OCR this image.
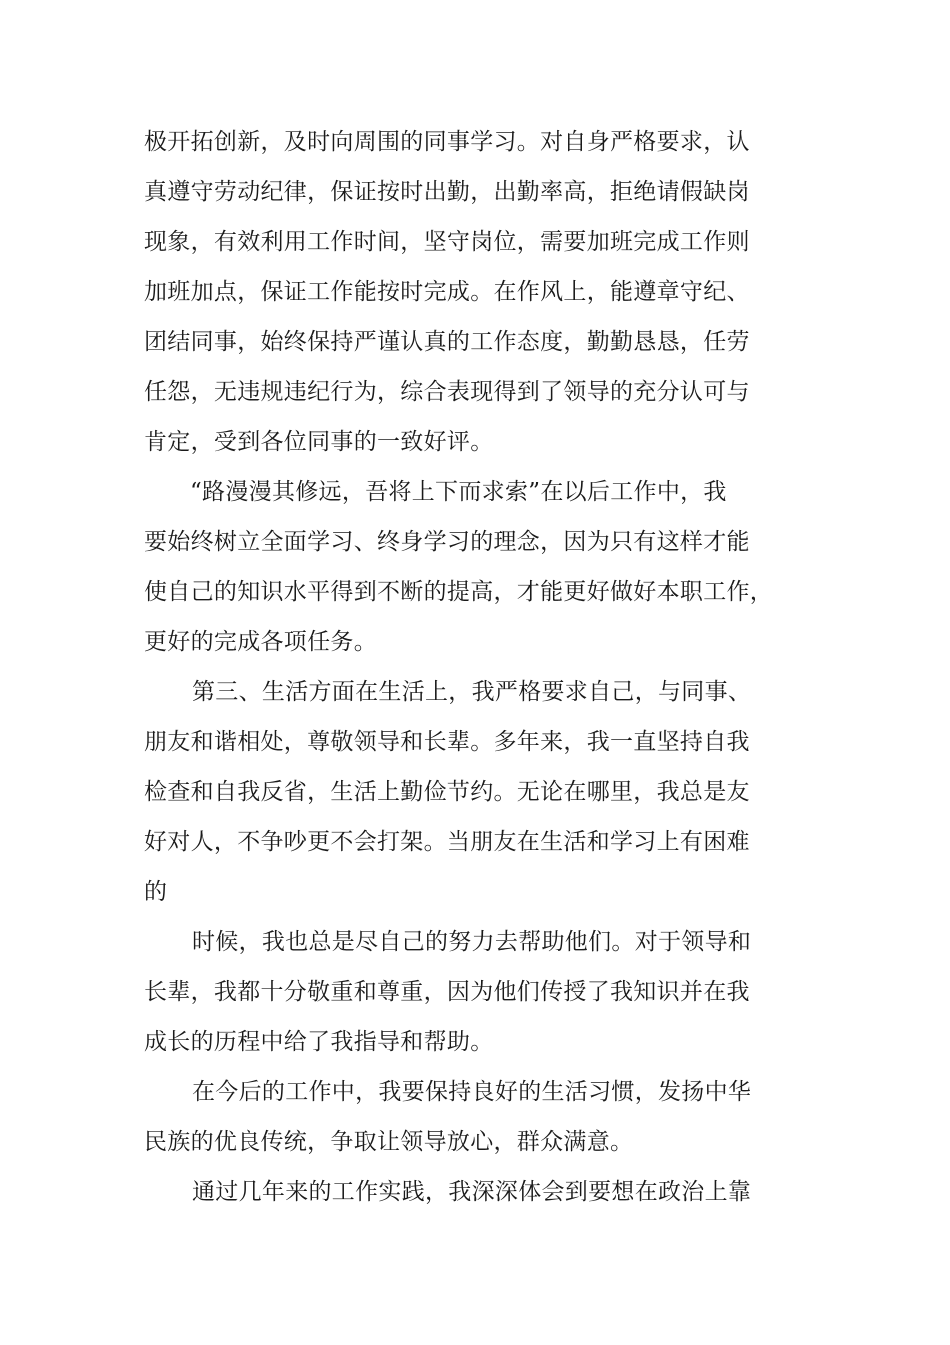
极开拓创新，及时向周围的同事学习。对自身严格要求，认
真遵守劳动纪律，保证按时出勤，出勤率高，拒绝请假缺岗
现象，有效利用工作时间，坚守岗位，需要加班完成工作则
加班加点，保证工作能按时完成。在作风上，能遵章守纪、
团结同事，始终保持严谨认真的工作态度，勤勤恳恳，任劳
任怨，无违规违纪行为，综合表现得到了领导的充分认可与
肯定，受到各位同事的一致好评。
“路漫漫其修远，吾将上下而求索”在以后工作中，我
要始终树立全面学习、终身学习的理念，因为只有这样才能
使自己的知识水平得到不断的提高，才能更好做好本职工作，
更好的完成各项任务。
第三、生活方面在生活上，我严格要求自己，与同事、
朋友和谐相处，尊敬领导和长辈。多年来，我一直坚持自我
检查和自我反省，生活上勤俭节约。无论在哪里，我总是友
好对人，不争吵更不会打架。当朋友在生活和学习上有困难
的
时候，我也总是尽自己的努力去帮助他们。对于领导和
长辈，我都十分敬重和尊重，因为他们传授了我知识并在我
成长的历程中给了我指导和帮助。
在今后的工作中，我要保持良好的生活习惯，发扬中华
民族的优良传统，争取让领导放心，群众满意。
通过几年来的工作实践，我深深体会到要想在政治上靠
